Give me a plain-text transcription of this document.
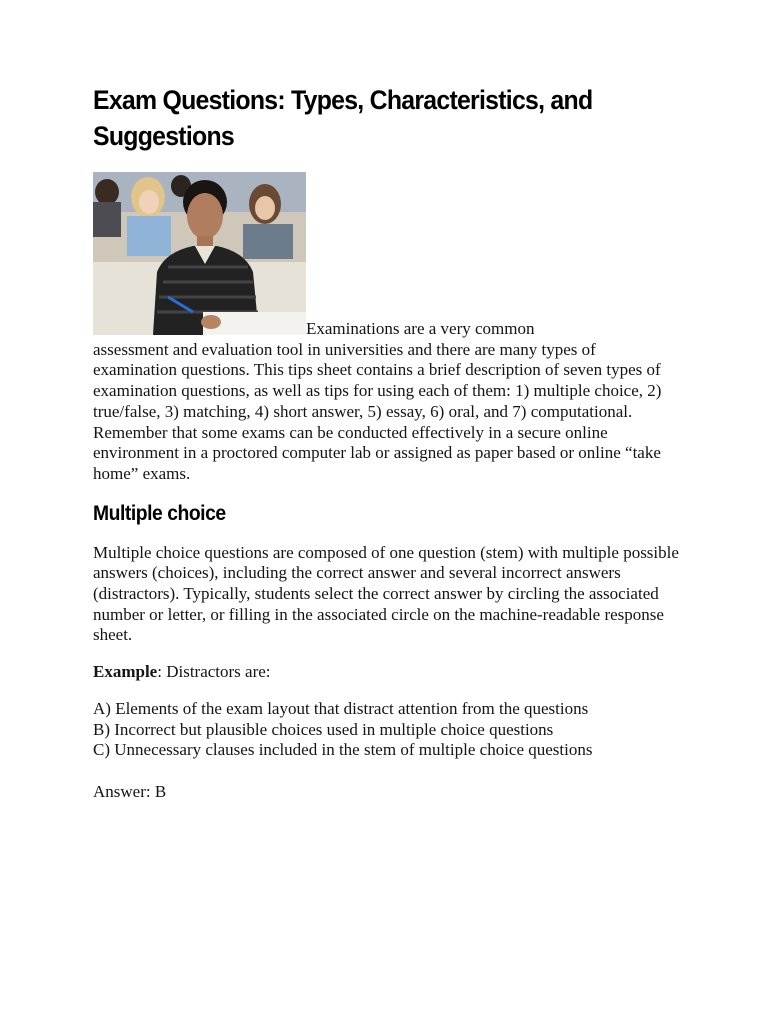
Exam Questions: Types, Characteristics, and Suggestions

Examinations are a very common
assessment and evaluation tool in universities and there are many types of examination questions. This tips sheet contains a brief description of seven types of examination questions, as well as tips for using each of them: 1) multiple choice, 2) true/false, 3) matching, 4) short answer, 5) essay, 6) oral, and 7) computational. Remember that some exams can be conducted effectively in a secure online environment in a proctored computer lab or assigned as paper based or online “take home” exams.

Multiple choice

Multiple choice questions are composed of one question (stem) with multiple possible answers (choices), including the correct answer and several incorrect answers (distractors). Typically, students select the correct answer by circling the associated number or letter, or filling in the associated circle on the machine-readable response sheet.

Example: Distractors are:

A) Elements of the exam layout that distract attention from the questions
B) Incorrect but plausible choices used in multiple choice questions
C) Unnecessary clauses included in the stem of multiple choice questions

Answer: B
